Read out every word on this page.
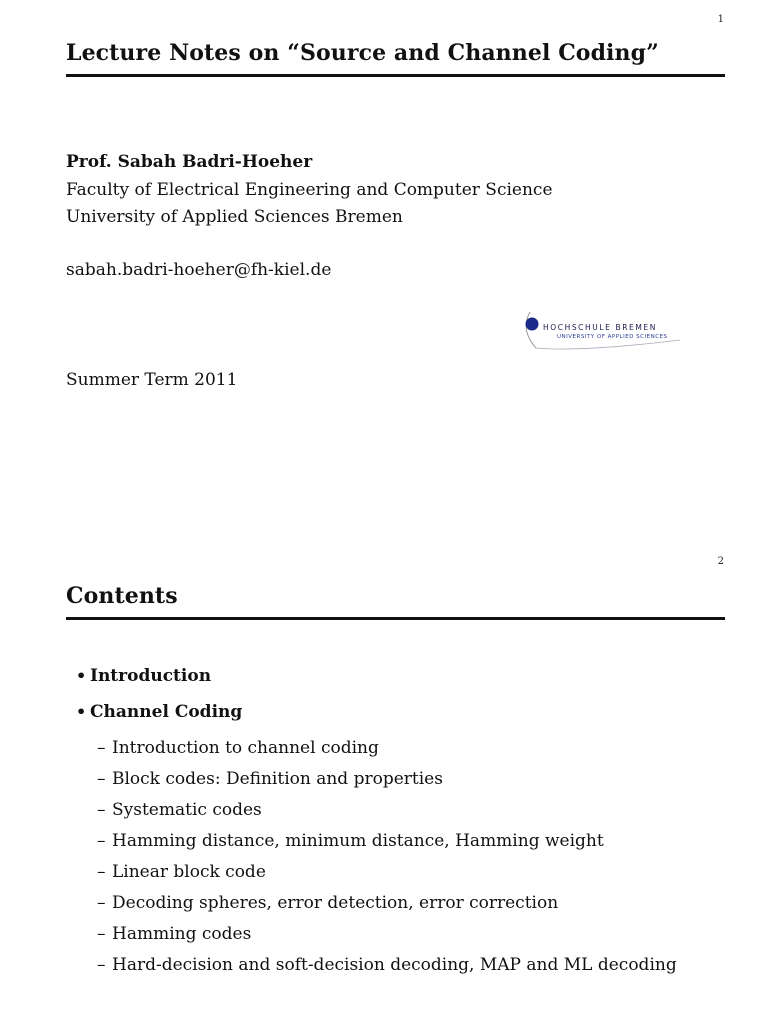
1
Lecture Notes on “Source and Channel Coding”
Prof. Sabah Badri-Hoeher
Faculty of Electrical Engineering and Computer Science
University of Applied Sciences Bremen
sabah.badri-hoeher@fh-kiel.de
HOCHSCHULE BREMEN
UNIVERSITY OF APPLIED SCIENCES
Summer Term 2011
2
Contents
• Introduction
• Channel Coding
– Introduction to channel coding
– Block codes: Definition and properties
– Systematic codes
– Hamming distance, minimum distance, Hamming weight
– Linear block code
– Decoding spheres, error detection, error correction
– Hamming codes
– Hard-decision and soft-decision decoding, MAP and ML decoding
